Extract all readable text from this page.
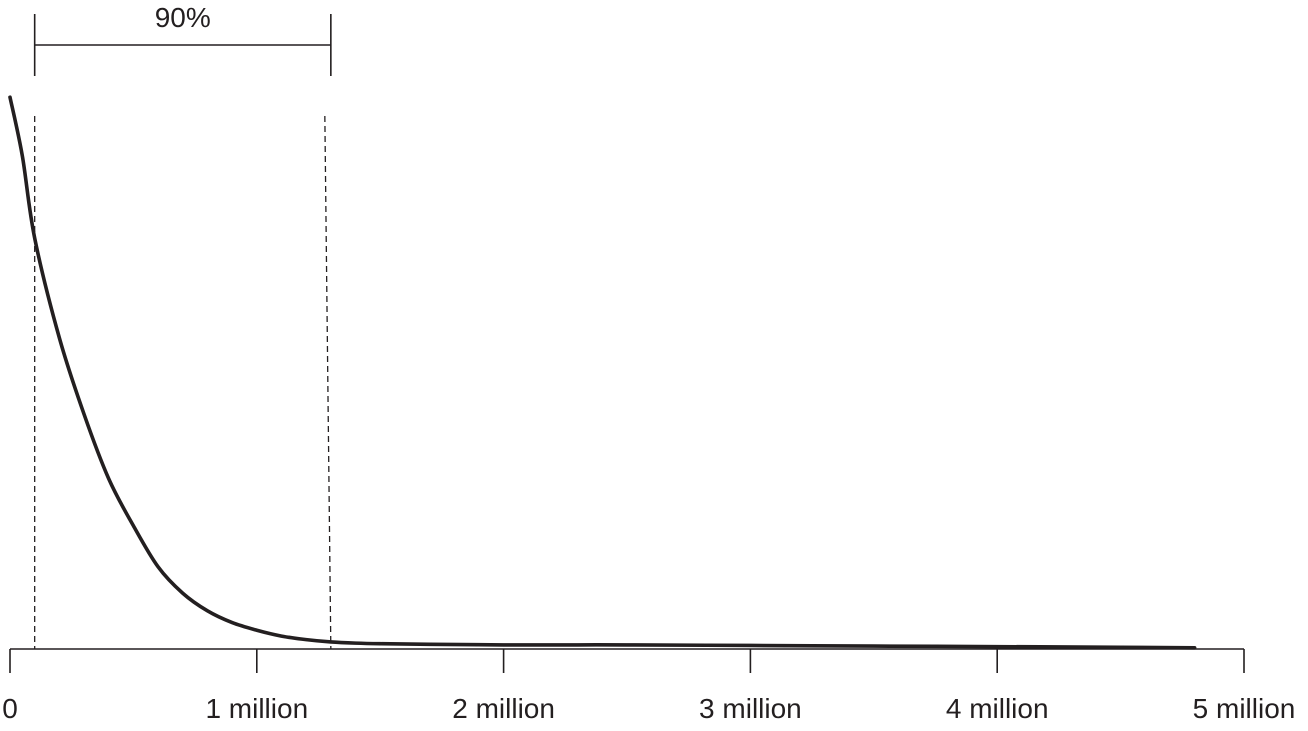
90%
0	1 million	2 million	3 million	4 million	5 million
